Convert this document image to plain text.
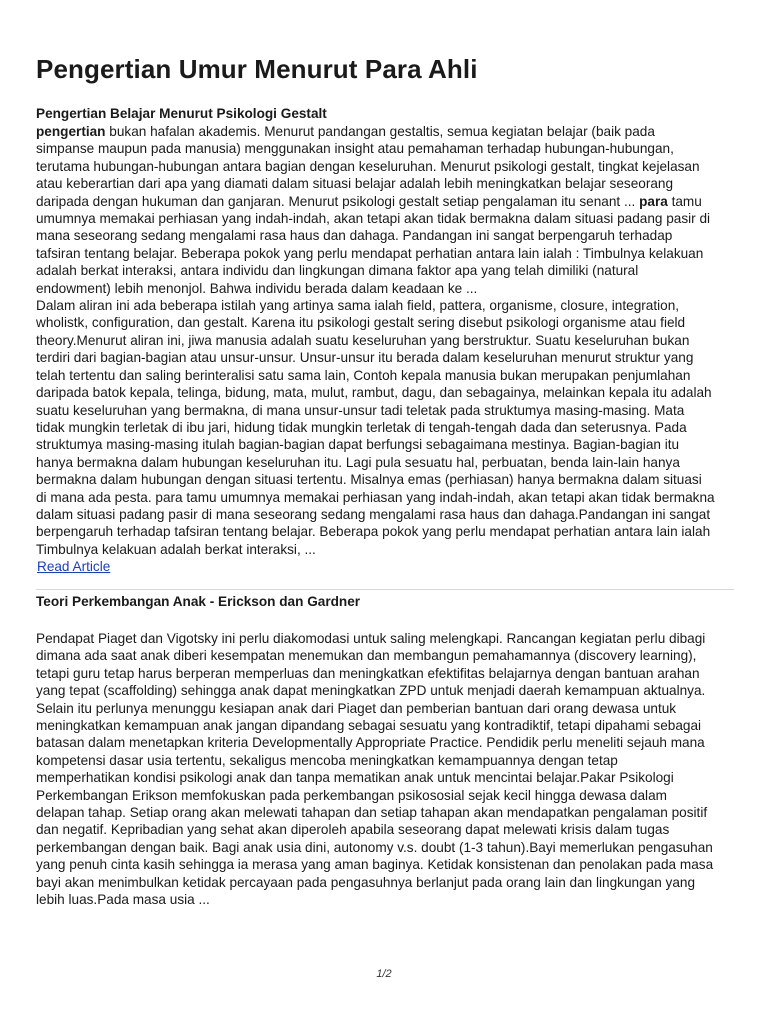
Pengertian Umur Menurut Para Ahli

Pengertian Belajar Menurut Psikologi Gestalt

pengertian bukan hafalan akademis. Menurut pandangan gestaltis, semua kegiatan belajar (baik pada
simpanse maupun pada manusia) menggunakan insight atau pemahaman terhadap hubungan-hubungan,
terutama hubungan-hubungan antara bagian dengan keseluruhan. Menurut psikologi gestalt, tingkat kejelasan
atau keberartian dari apa yang diamati dalam situasi belajar adalah lebih meningkatkan belajar seseorang
daripada dengan hukuman dan ganjaran. Menurut psikologi gestalt setiap pengalaman itu senant ... para tamu
umumnya memakai perhiasan yang indah-indah, akan tetapi akan tidak bermakna dalam situasi padang pasir di
mana seseorang sedang mengalami rasa haus dan dahaga. Pandangan ini sangat berpengaruh terhadap
tafsiran tentang belajar. Beberapa pokok yang perlu mendapat perhatian antara lain ialah : Timbulnya kelakuan
adalah berkat interaksi, antara individu dan lingkungan dimana faktor apa yang telah dimiliki (natural
endowment) lebih menonjol. Bahwa individu berada dalam keadaan ke ...
Dalam aliran ini ada beberapa istilah yang artinya sama ialah field, pattera, organisme, closure, integration,
wholistk, configuration, dan gestalt. Karena itu psikologi gestalt sering disebut psikologi organisme atau field
theory.Menurut aliran ini, jiwa manusia adalah suatu keseluruhan yang berstruktur. Suatu keseluruhan bukan
terdiri dari bagian-bagian atau unsur-unsur. Unsur-unsur itu berada dalam keseluruhan menurut struktur yang
telah tertentu dan saling berinteralisi satu sama lain, Contoh kepala manusia bukan merupakan penjumlahan
daripada batok kepala, telinga, bidung, mata, mulut, rambut, dagu, dan sebagainya, melainkan kepala itu adalah
suatu keseluruhan yang bermakna, di mana unsur-unsur tadi teletak pada struktumya masing-masing. Mata
tidak mungkin terletak di ibu jari, hidung tidak mungkin terletak di tengah-tengah dada dan seterusnya. Pada
struktumya masing-masing itulah bagian-bagian dapat berfungsi sebagaimana mestinya. Bagian-bagian itu
hanya bermakna dalam hubungan keseluruhan itu. Lagi pula sesuatu hal, perbuatan, benda lain-lain hanya
bermakna dalam hubungan dengan situasi tertentu. Misalnya emas (perhiasan) hanya bermakna dalam situasi
di mana ada pesta. para tamu umumnya memakai perhiasan yang indah-indah, akan tetapi akan tidak bermakna
dalam situasi padang pasir di mana seseorang sedang mengalami rasa haus dan dahaga.Pandangan ini sangat
berpengaruh terhadap tafsiran tentang belajar. Beberapa pokok yang perlu mendapat perhatian antara lain ialah
Timbulnya kelakuan adalah berkat interaksi, ...

Read Article

Teori Perkembangan Anak - Erickson dan Gardner

Pendapat Piaget dan Vigotsky ini perlu diakomodasi untuk saling melengkapi. Rancangan kegiatan perlu dibagi
dimana ada saat anak diberi kesempatan menemukan dan membangun pemahamannya (discovery learning),
tetapi guru tetap harus berperan memperluas dan meningkatkan efektifitas belajarnya dengan bantuan arahan
yang tepat (scaffolding) sehingga anak dapat meningkatkan ZPD untuk menjadi daerah kemampuan aktualnya.
Selain itu perlunya menunggu kesiapan anak dari Piaget dan pemberian bantuan dari orang dewasa untuk
meningkatkan kemampuan anak jangan dipandang sebagai sesuatu yang kontradiktif, tetapi dipahami sebagai
batasan dalam menetapkan kriteria Developmentally Appropriate Practice. Pendidik perlu meneliti sejauh mana
kompetensi dasar usia tertentu, sekaligus mencoba meningkatkan kemampuannya dengan tetap
memperhatikan kondisi psikologi anak dan tanpa mematikan anak untuk mencintai belajar.Pakar Psikologi
Perkembangan Erikson memfokuskan pada perkembangan psikososial sejak kecil hingga dewasa dalam
delapan tahap. Setiap orang akan melewati tahapan dan setiap tahapan akan mendapatkan pengalaman positif
dan negatif. Kepribadian yang sehat akan diperoleh apabila seseorang dapat melewati krisis dalam tugas
perkembangan dengan baik. Bagi anak usia dini, autonomy v.s. doubt (1-3 tahun).Bayi memerlukan pengasuhan
yang penuh cinta kasih sehingga ia merasa yang aman baginya. Ketidak konsistenan dan penolakan pada masa
bayi akan menimbulkan ketidak percayaan pada pengasuhnya berlanjut pada orang lain dan lingkungan yang
lebih luas.Pada masa usia ...

1/2
